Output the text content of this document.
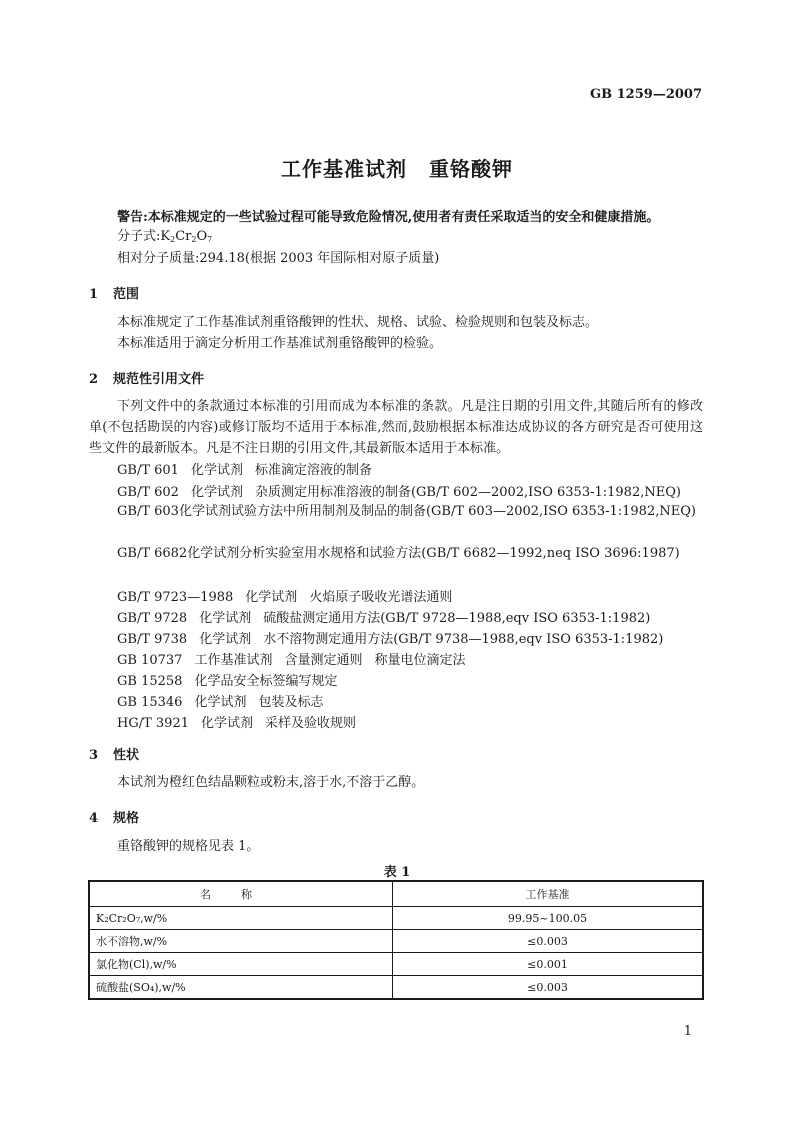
GB 1259—2007
工作基准试剂 重铬酸钾
警告:本标准规定的一些试验过程可能导致危险情况,使用者有责任采取适当的安全和健康措施。
分子式$:K_2Cr_2O_7$
相对分子质量:294.18(根据 2003 年国际相对原子质量)
1 范围
本标准规定了工作基准试剂重铬酸钾的性状、规格、试验、检验规则和包装及标志。
本标准适用于滴定分析用工作基准试剂重铬酸钾的检验。
2 规范性引用文件
下列文件中的条款通过本标准的引用而成为本标准的条款。凡是注日期的引用文件,其随后所有的修改单(不包括勘误的内容)或修订版均不适用于本标准,然而,鼓励根据本标准达成协议的各方研究是否可使用这些文件的最新版本。凡是不注日期的引用文件,其最新版本适用于本标准。
GB/T 601 化学试剂 标准滴定溶液的制备
GB/T 602 化学试剂 杂质测定用标准溶液的制备(GB/T 602—2002,ISO 6353-1:1982,NEQ)
GB/T 603化学试剂试验方法中所用制剂及制品的制备(GB/T 603—2002,ISO 6353-1:1982,NEQ)
GB/T 6682化学试剂分析实验室用水规格和试验方法(GB/T 6682—1992,neq ISO 3696:1987)
GB/T 9723—1988 化学试剂 火焰原子吸收光谱法通则
GB/T 9728 化学试剂 硫酸盐测定通用方法(GB/T 9728—1988,eqv ISO 6353-1:1982)
GB/T 9738 化学试剂 水不溶物测定通用方法(GB/T 9738—1988,eqv ISO 6353-1:1982)
GB 10737 工作基准试剂 含量测定通则 称量电位滴定法
GB 15258 化学品安全标签编写规定
GB 15346 化学试剂 包装及标志
HG/T 3921 化学试剂 采样及验收规则
3 性状
本试剂为橙红色结晶颗粒或粉末,溶于水,不溶于乙醇。
4 规格
重铬酸钾的规格见表 1。
表 1
名称	工作基准
K₂Cr₂O₇,w/%	99.95~100.05
水不溶物,w/%	≤0.003
氯化物(Cl),w/%	≤0.001
硫酸盐(SO₄),w/%	≤0.003
1
